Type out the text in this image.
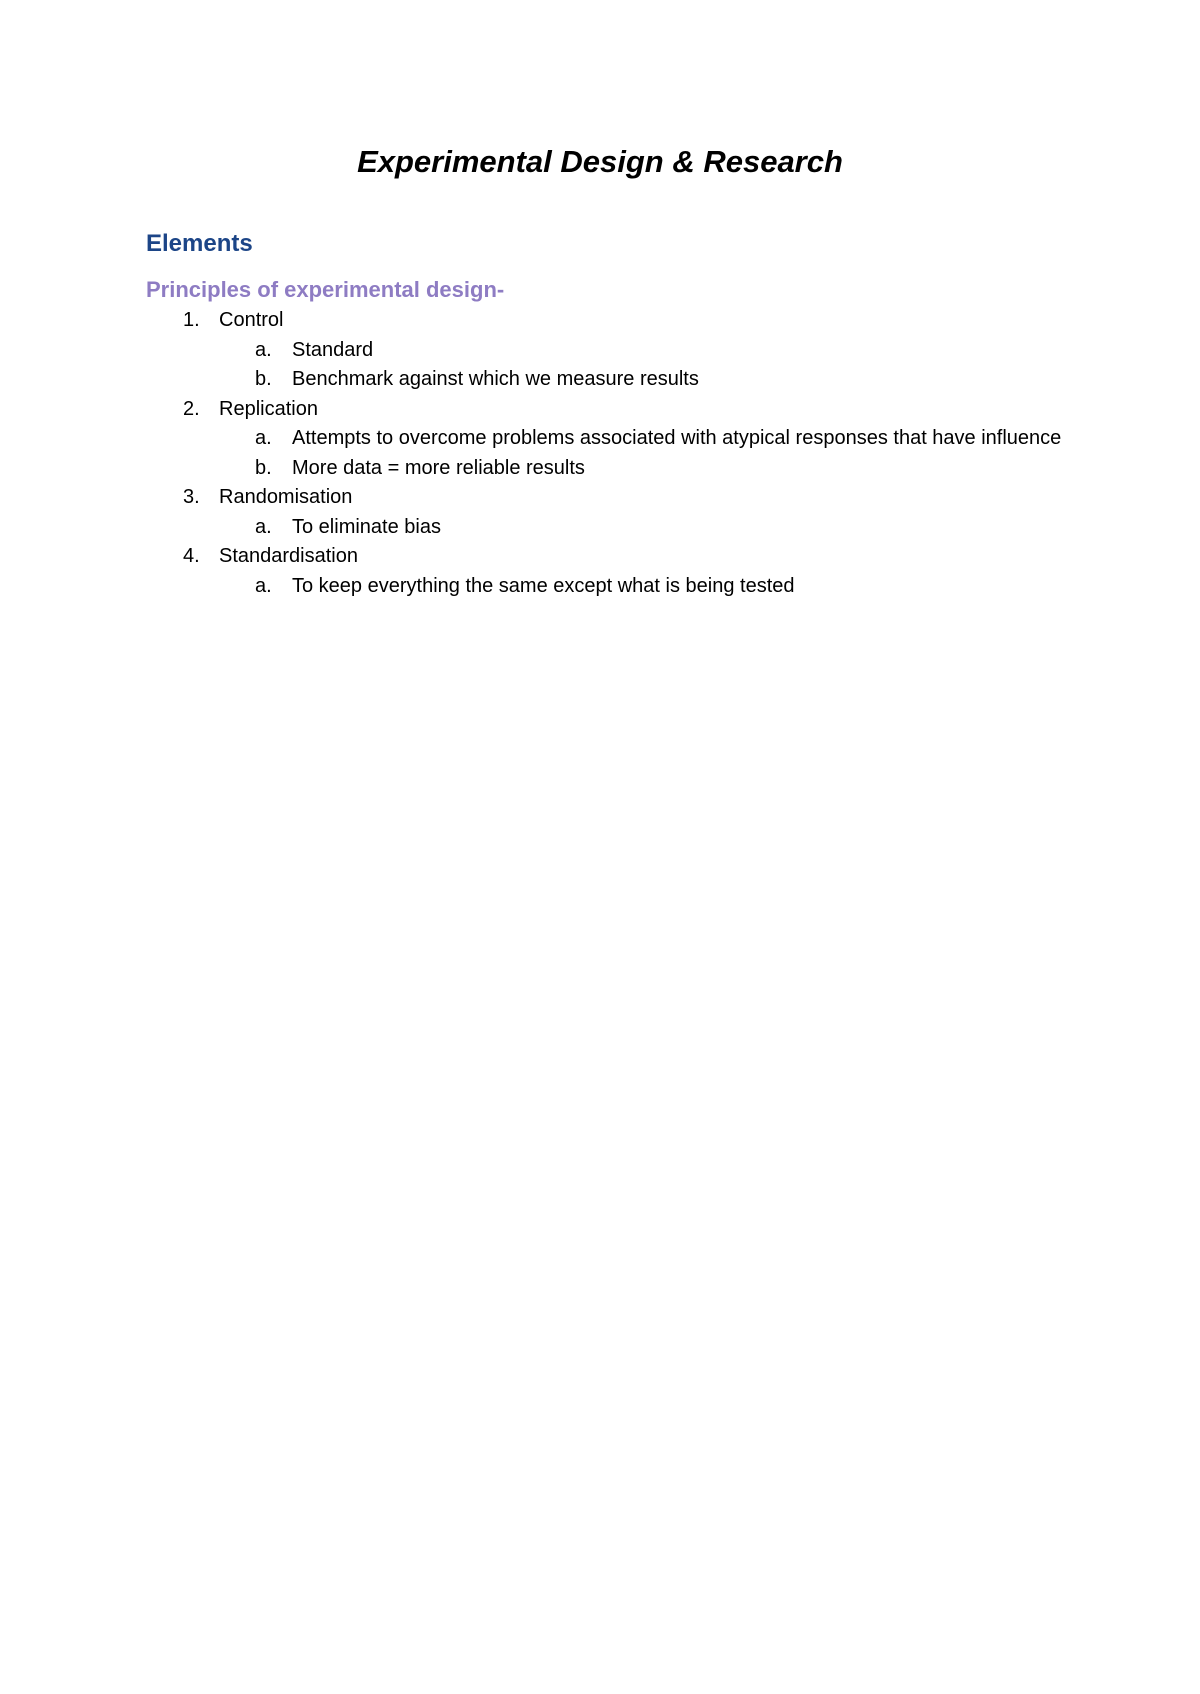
Experimental Design & Research
Elements
Principles of experimental design-
1. Control
a. Standard
b. Benchmark against which we measure results
2. Replication
a. Attempts to overcome problems associated with atypical responses that have influence
b. More data = more reliable results
3. Randomisation
a. To eliminate bias
4. Standardisation
a. To keep everything the same except what is being tested
